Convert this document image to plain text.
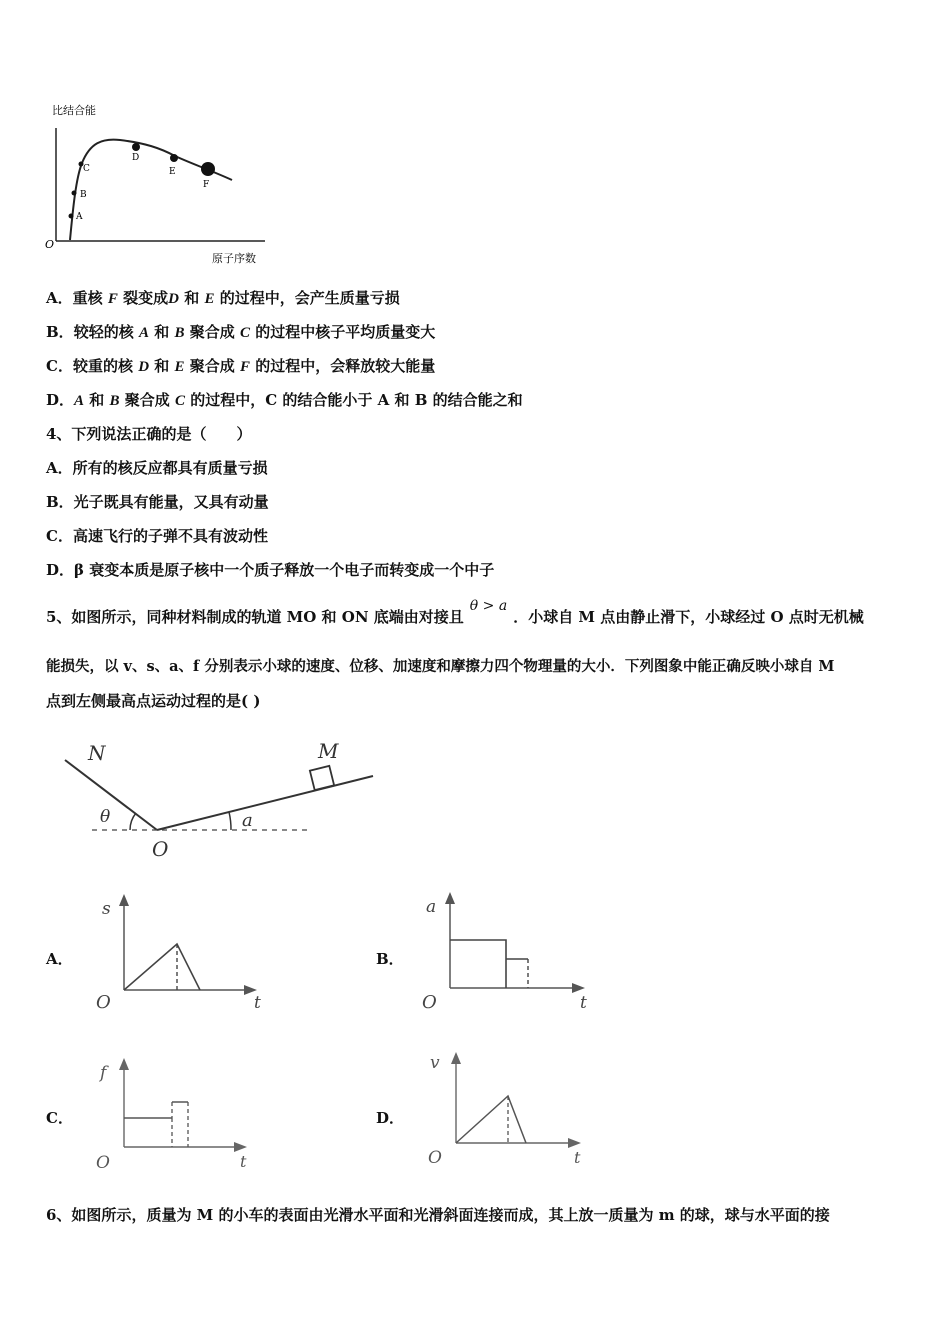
比结合能
O
原子序数
A
B
C
D
E
F
A．重核 F 裂变成D 和 E 的过程中，会产生质量亏损
B．较轻的核 A 和 B 聚合成 C 的过程中核子平均质量变大
C．较重的核 D 和 E 聚合成 F 的过程中，会释放较大能量
D．A 和 B 聚合成 C 的过程中，C 的结合能小于 A 和 B 的结合能之和
4、下列说法正确的是（　　）
A．所有的核反应都具有质量亏损
B．光子既具有能量，又具有动量
C．高速飞行的子弹不具有波动性
D．β 衰变本质是原子核中一个质子释放一个电子而转变成一个中子
5、如图所示，同种材料制成的轨道 MO 和 ON 底端由对接且θ > a．小球自 M 点由静止滑下，小球经过 O 点时无机械
能损失，以 v、s、a、f 分别表示小球的速度、位移、加速度和摩擦力四个物理量的大小．下列图象中能正确反映小球自 M
点到左侧最高点运动过程的是( )
N	M
O
θ	a
A．
s
t
O
B．
a
t
O
C．
f
t
O
D．
v
t
O
6、如图所示，质量为 M 的小车的表面由光滑水平面和光滑斜面连接而成，其上放一质量为 m 的球，球与水平面的接
